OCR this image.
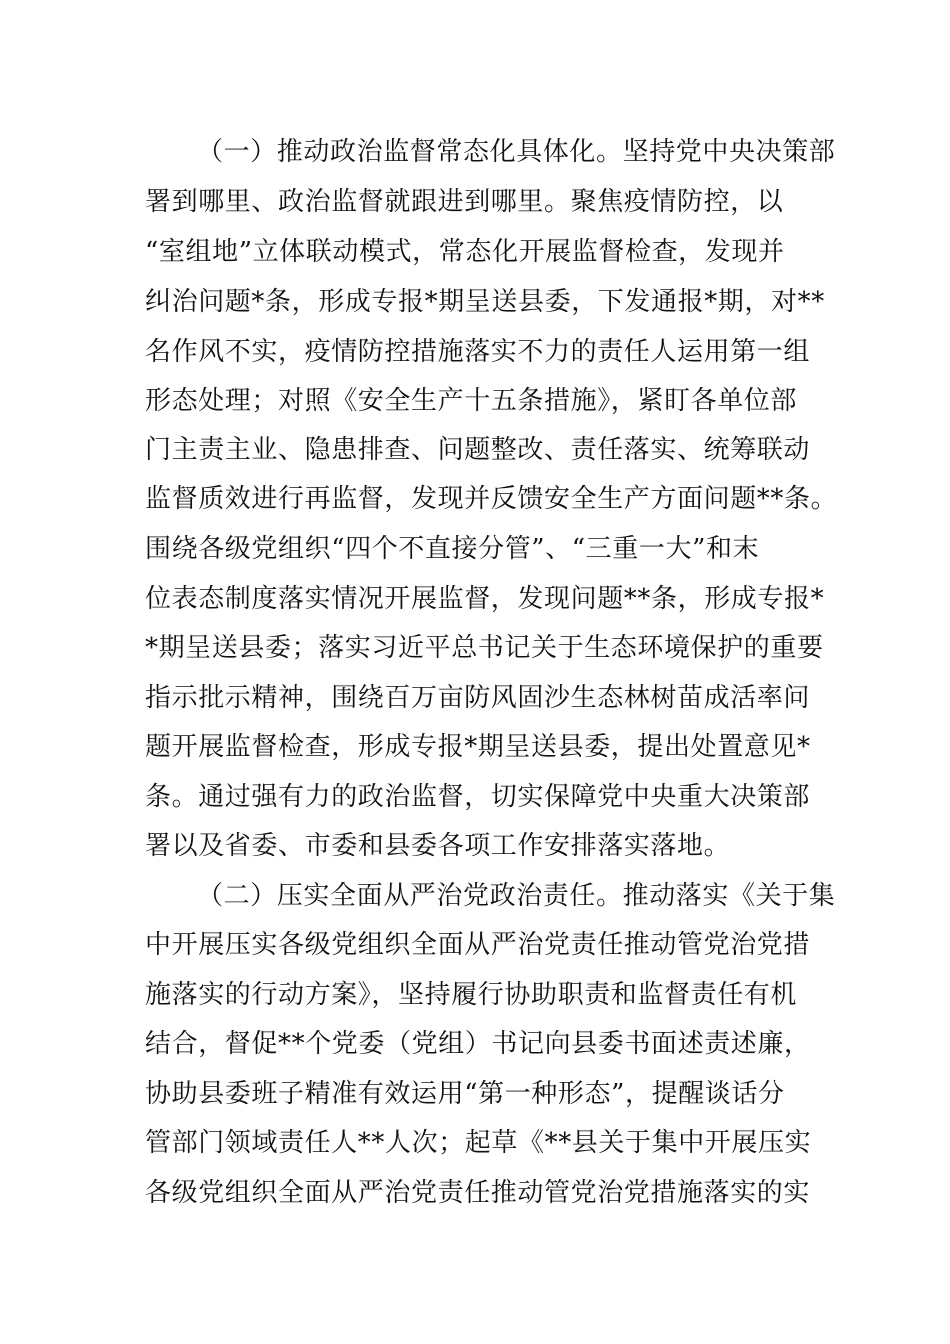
（一）推动政治监督常态化具体化。坚持党中央决策部
署到哪里、政治监督就跟进到哪里。聚焦疫情防控，以
“室组地”立体联动模式，常态化开展监督检查，发现并
纠治问题*条，形成专报*期呈送县委，下发通报*期，对**
名作风不实，疫情防控措施落实不力的责任人运用第一组
形态处理；对照《安全生产十五条措施》，紧盯各单位部
门主责主业、隐患排查、问题整改、责任落实、统筹联动
监督质效进行再监督，发现并反馈安全生产方面问题**条。
围绕各级党组织“四个不直接分管”、“三重一大”和末
位表态制度落实情况开展监督，发现问题**条，形成专报*
*期呈送县委；落实习近平总书记关于生态环境保护的重要
指示批示精神，围绕百万亩防风固沙生态林树苗成活率问
题开展监督检查，形成专报*期呈送县委，提出处置意见*
条。通过强有力的政治监督，切实保障党中央重大决策部
署以及省委、市委和县委各项工作安排落实落地。
（二）压实全面从严治党政治责任。推动落实《关于集
中开展压实各级党组织全面从严治党责任推动管党治党措
施落实的行动方案》，坚持履行协助职责和监督责任有机
结合，督促**个党委（党组）书记向县委书面述责述廉，
协助县委班子精准有效运用“第一种形态”，提醒谈话分
管部门领域责任人**人次；起草《**县关于集中开展压实
各级党组织全面从严治党责任推动管党治党措施落实的实
